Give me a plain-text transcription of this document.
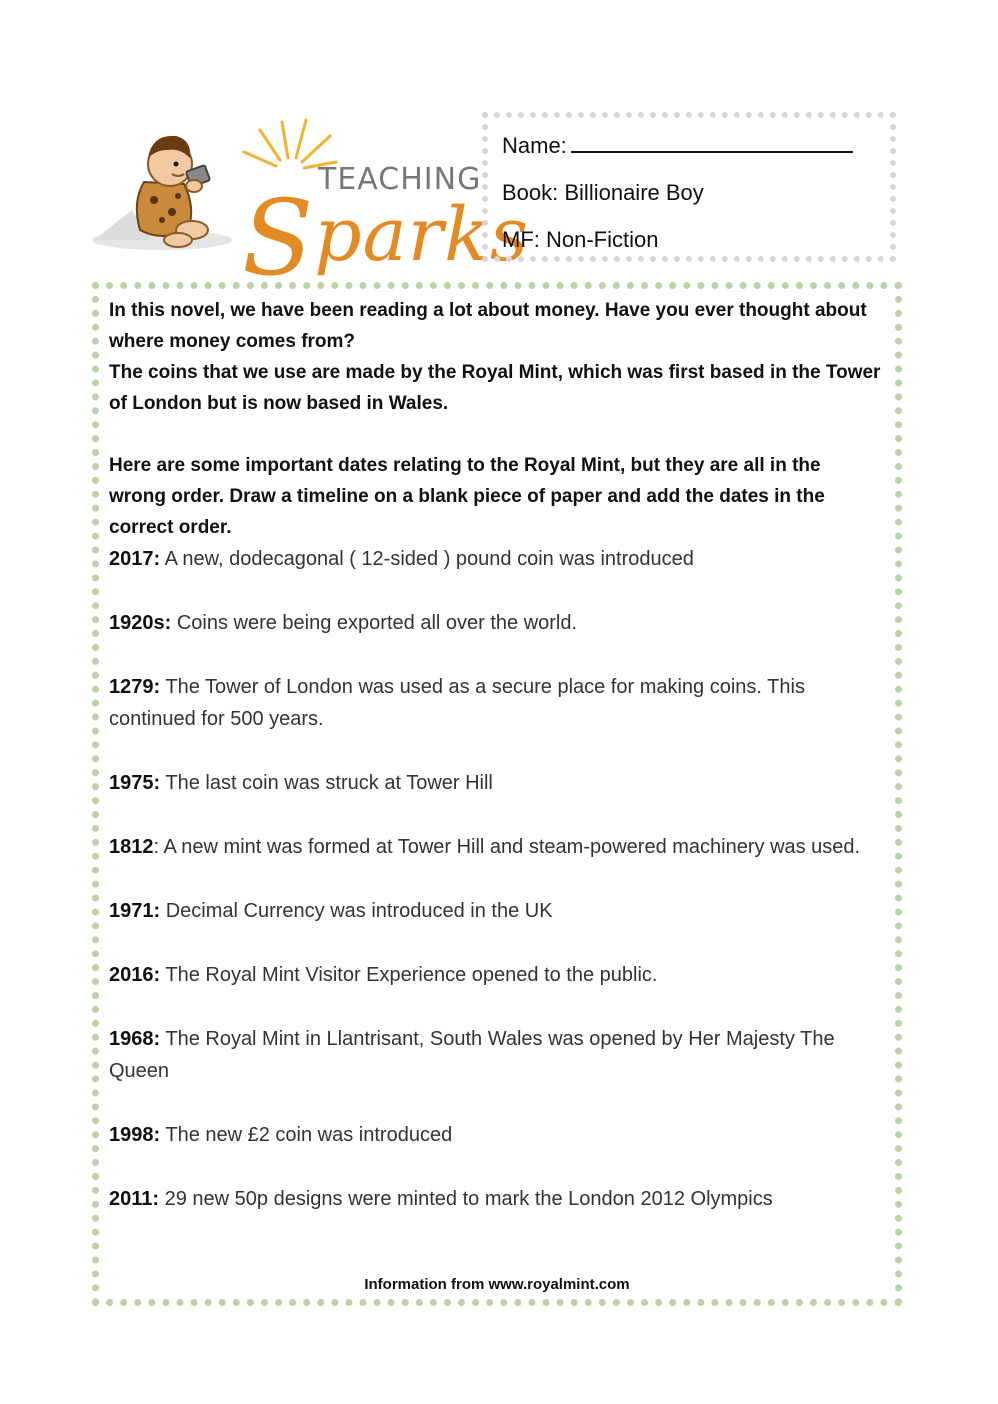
TEACHING
Sparks
Name:
Book: Billionaire Boy
MF: Non-Fiction

In this novel, we have been reading a lot about money. Have you ever thought about where money comes from?

The coins that we use are made by the Royal Mint, which was first based in the Tower of London but is now based in Wales.

Here are some important dates relating to the Royal Mint, but they are all in the wrong order. Draw a timeline on a blank piece of paper and add the dates in the correct order.

2017: A new, dodecagonal ( 12-sided ) pound coin was introduced

1920s: Coins were being exported all over the world.

1279: The Tower of London was used as a secure place for making coins. This continued for 500 years.

1975: The last coin was struck at Tower Hill

1812: A new mint was formed at Tower Hill and steam-powered machinery was used.

1971: Decimal Currency was introduced in the UK

2016: The Royal Mint Visitor Experience opened to the public.

1968: The Royal Mint in Llantrisant, South Wales was opened by Her Majesty The Queen

1998: The new £2 coin was introduced

2011: 29 new 50p designs were minted to mark the London 2012 Olympics

Information from www.royalmint.com
